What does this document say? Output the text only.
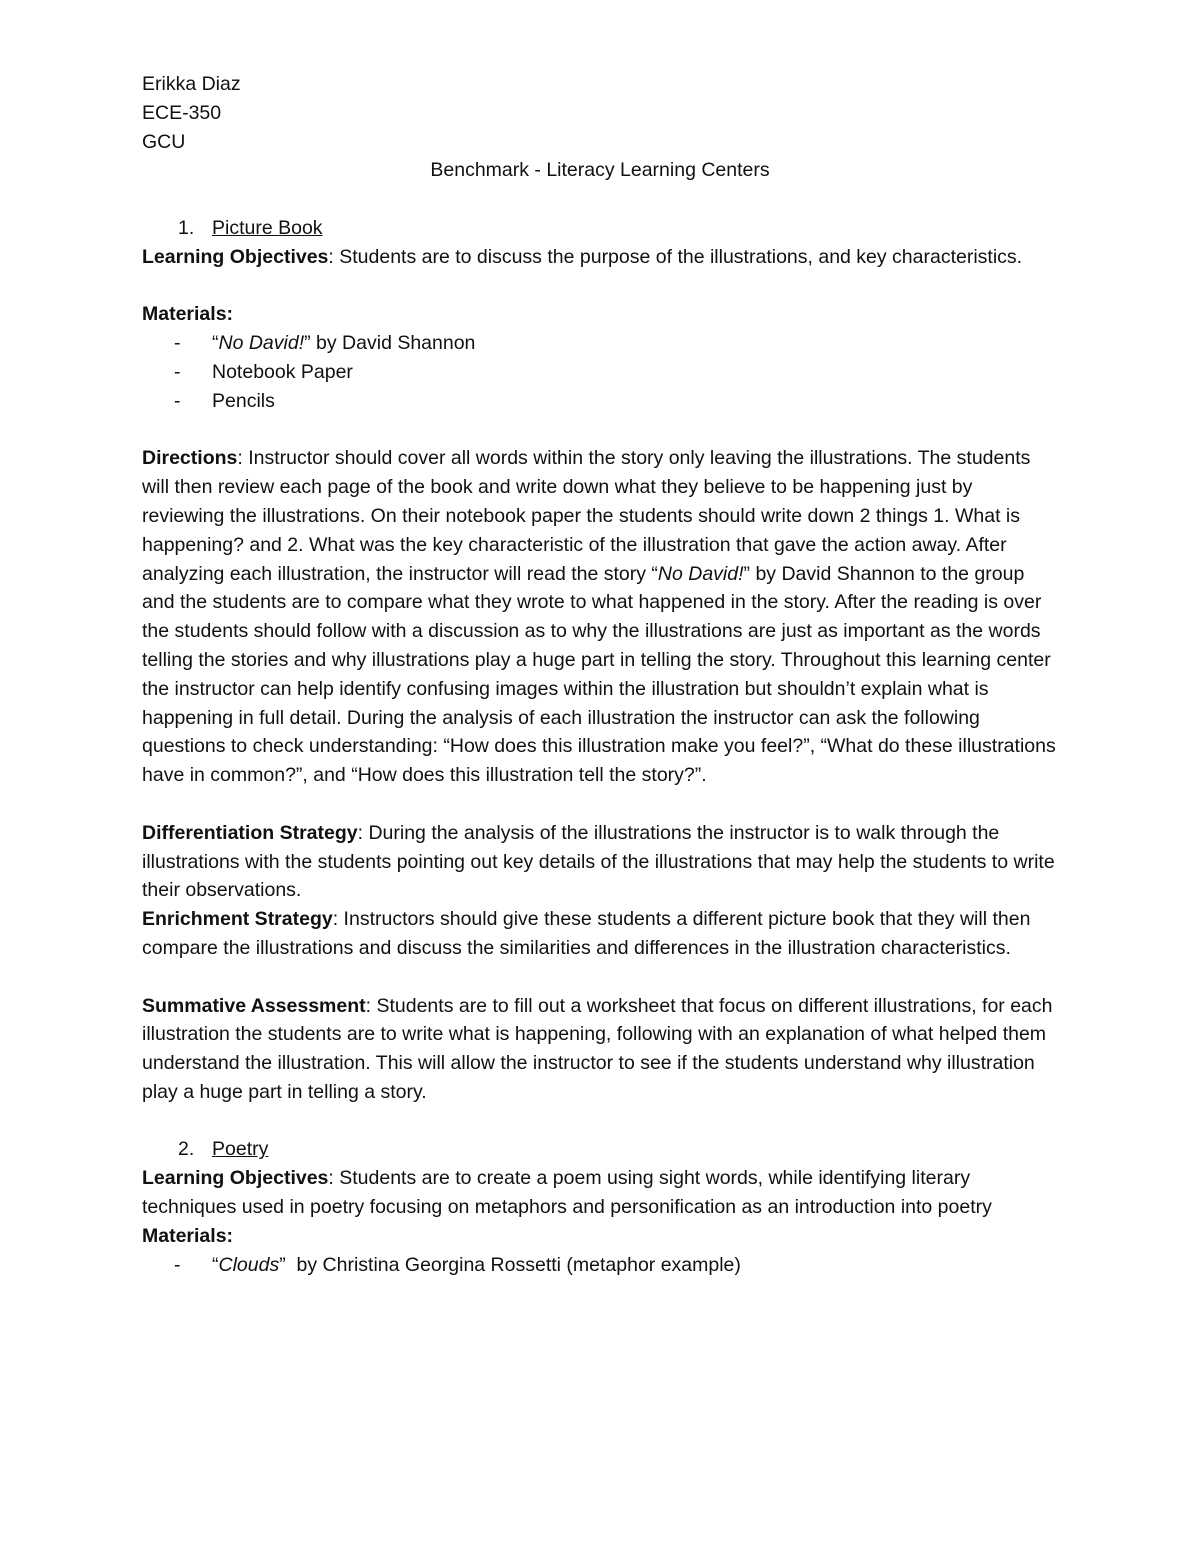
Erikka Diaz
ECE-350
GCU
Benchmark - Literacy Learning Centers
1. Picture Book
Learning Objectives: Students are to discuss the purpose of the illustrations, and key characteristics.
Materials:
- “No David!” by David Shannon
- Notebook Paper
- Pencils
Directions: Instructor should cover all words within the story only leaving the illustrations. The students will then review each page of the book and write down what they believe to be happening just by reviewing the illustrations. On their notebook paper the students should write down 2 things 1. What is happening? and 2. What was the key characteristic of the illustration that gave the action away. After analyzing each illustration, the instructor will read the story “No David!” by David Shannon to the group and the students are to compare what they wrote to what happened in the story. After the reading is over the students should follow with a discussion as to why the illustrations are just as important as the words telling the stories and why illustrations play a huge part in telling the story. Throughout this learning center the instructor can help identify confusing images within the illustration but shouldn’t explain what is happening in full detail. During the analysis of each illustration the instructor can ask the following questions to check understanding: “How does this illustration make you feel?”, “What do these illustrations have in common?”, and “How does this illustration tell the story?”.
Differentiation Strategy: During the analysis of the illustrations the instructor is to walk through the illustrations with the students pointing out key details of the illustrations that may help the students to write their observations.
Enrichment Strategy: Instructors should give these students a different picture book that they will then compare the illustrations and discuss the similarities and differences in the illustration characteristics.
Summative Assessment: Students are to fill out a worksheet that focus on different illustrations, for each illustration the students are to write what is happening, following with an explanation of what helped them understand the illustration. This will allow the instructor to see if the students understand why illustration play a huge part in telling a story.
2. Poetry
Learning Objectives: Students are to create a poem using sight words, while identifying literary techniques used in poetry focusing on metaphors and personification as an introduction into poetry
Materials:
- “Clouds”  by Christina Georgina Rossetti (metaphor example)
